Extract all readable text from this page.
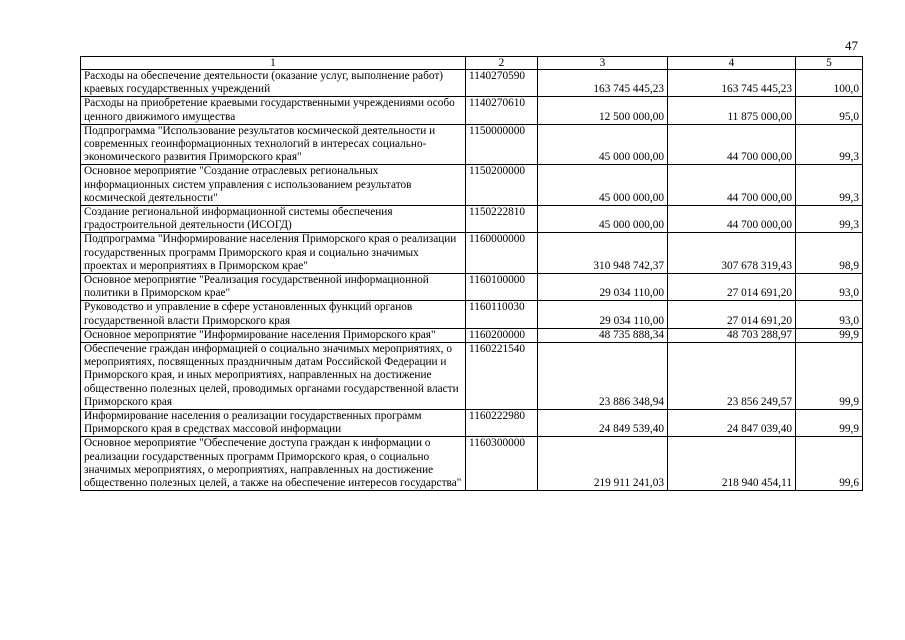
47
1	2	3	4	5
Расходы на обеспечение деятельности (оказание услуг, выполнение работ) краевых государственных учреждений	1140270590	163 745 445,23	163 745 445,23	100,0
Расходы на приобретение краевыми государственными учреждениями особо ценного движимого имущества	1140270610	12 500 000,00	11 875 000,00	95,0
Подпрограмма "Использование результатов космической деятельности и современных геоинформационных технологий в интересах социально-экономического развития Приморского края"	1150000000	45 000 000,00	44 700 000,00	99,3
Основное мероприятие "Создание отраслевых региональных информационных систем управления с использованием результатов космической деятельности"	1150200000	45 000 000,00	44 700 000,00	99,3
Создание региональной информационной системы обеспечения градостроительной деятельности (ИСОГД)	1150222810	45 000 000,00	44 700 000,00	99,3
Подпрограмма "Информирование населения Приморского края о реализации государственных программ Приморского края и социально значимых проектах и мероприятиях в Приморском крае"	1160000000	310 948 742,37	307 678 319,43	98,9
Основное мероприятие "Реализация государственной информационной политики в Приморском крае"	1160100000	29 034 110,00	27 014 691,20	93,0
Руководство и управление в сфере установленных функций органов государственной власти Приморского края	1160110030	29 034 110,00	27 014 691,20	93,0
Основное мероприятие "Информирование населения Приморского края"	1160200000	48 735 888,34	48 703 288,97	99,9
Обеспечение граждан информацией о социально значимых мероприятиях, о мероприятиях, посвященных праздничным датам Российской Федерации и Приморского края, и иных мероприятиях, направленных на достижение общественно полезных целей, проводимых органами государственной власти Приморского края	1160221540	23 886 348,94	23 856 249,57	99,9
Информирование населения о реализации государственных программ Приморского края в средствах массовой информации	1160222980	24 849 539,40	24 847 039,40	99,9
Основное мероприятие "Обеспечение доступа граждан к информации о реализации государственных программ Приморского края, о социально значимых мероприятиях, о мероприятиях, направленных на достижение общественно полезных целей, а также на обеспечение интересов государства"	1160300000	219 911 241,03	218 940 454,11	99,6
